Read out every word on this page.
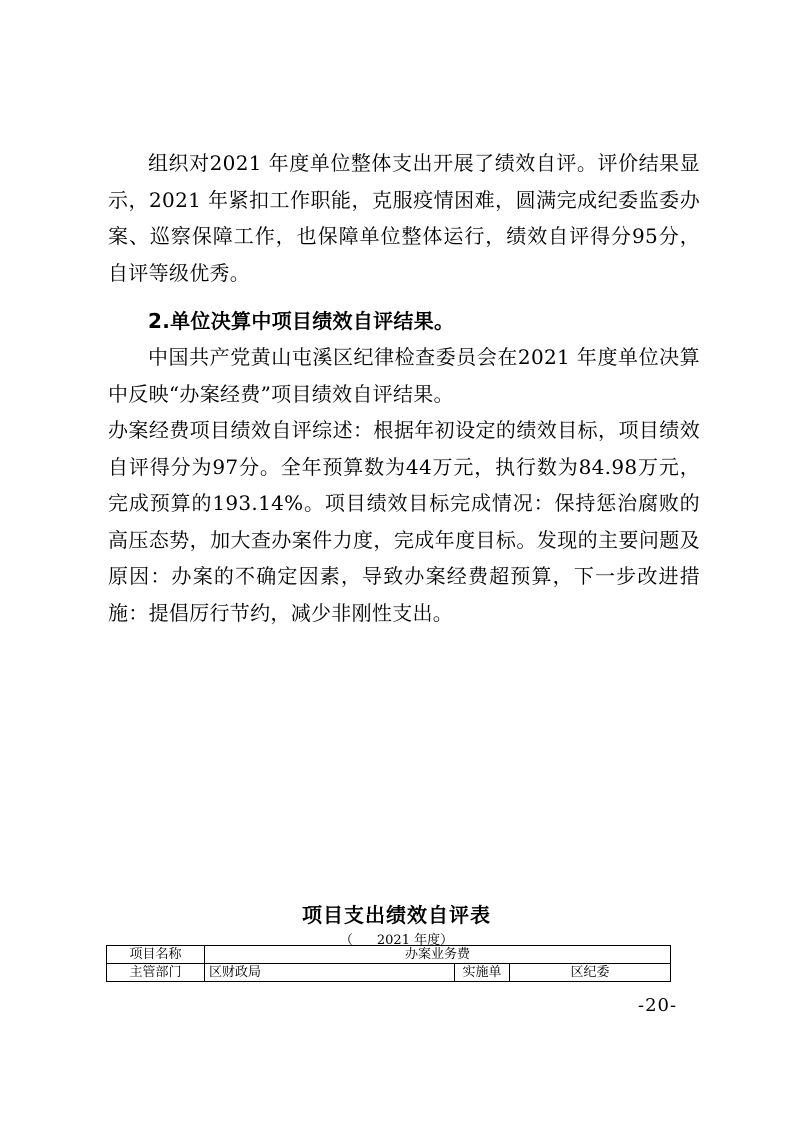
组织对2021 年度单位整体支出开展了绩效自评。评价结果显示，2021 年紧扣工作职能，克服疫情困难，圆满完成纪委监委办案、巡察保障工作，也保障单位整体运行，绩效自评得分95分，自评等级优秀。

2.单位决算中项目绩效自评结果。

中国共产党黄山屯溪区纪律检查委员会在2021 年度单位决算中反映“办案经费”项目绩效自评结果。

办案经费项目绩效自评综述：根据年初设定的绩效目标，项目绩效自评得分为97分。全年预算数为44万元，执行数为84.98万元，完成预算的193.14%。项目绩效目标完成情况：保持惩治腐败的高压态势，加大查办案件力度，完成年度目标。发现的主要问题及原因：办案的不确定因素，导致办案经费超预算，下一步改进措施：提倡厉行节约，减少非刚性支出。

项目支出绩效自评表
（ 2021 年度）
项目名称	办案业务费		
主管部门	区财政局	实施单	区纪委
-20-
